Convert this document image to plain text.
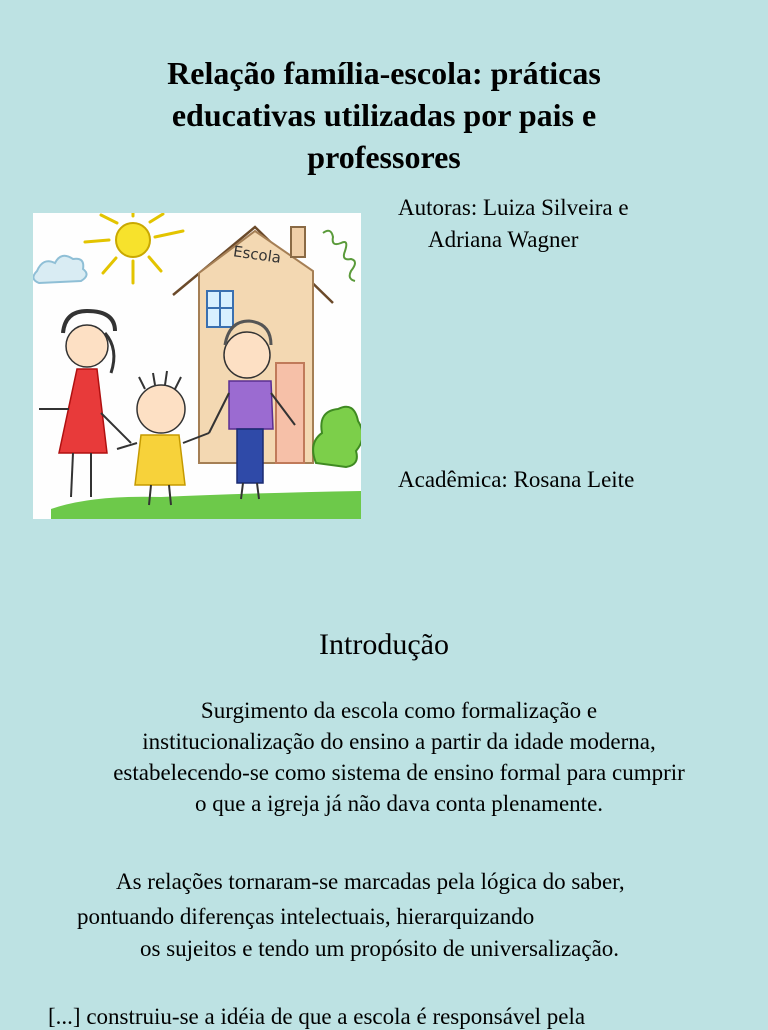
Relação família-escola: práticas
educativas utilizadas por pais e
professores
Autoras: Luiza Silveira e
Adriana Wagner
Escola
Acadêmica: Rosana Leite
Introdução
Surgimento da escola como formalização e
institucionalização do ensino a partir da idade moderna,
estabelecendo-se como sistema de ensino formal para cumprir
o que a igreja já não dava conta plenamente.
As relações tornaram-se marcadas pela lógica do saber,
pontuando diferenças intelectuais, hierarquizando
os sujeitos e tendo um propósito de universalização.
[...] construiu-se a idéia de que a escola é responsável pela
